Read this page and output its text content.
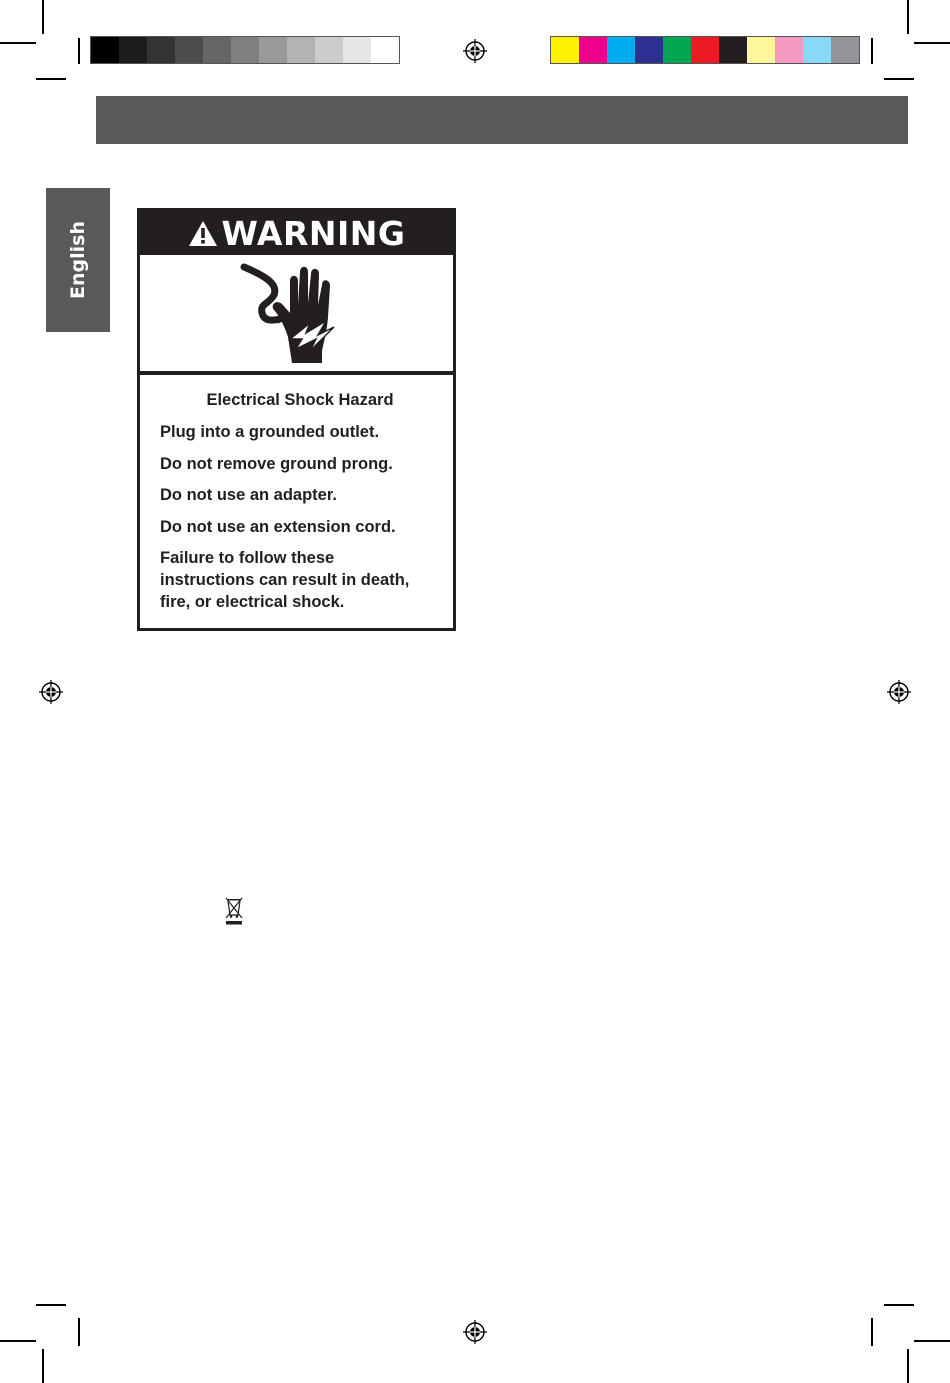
English	WARNING

Electrical Shock Hazard

Plug into a grounded outlet.

Do not remove ground prong.

Do not use an adapter.

Do not use an extension cord.

Failure to follow these
instructions can result in death,
fire, or electrical shock.
